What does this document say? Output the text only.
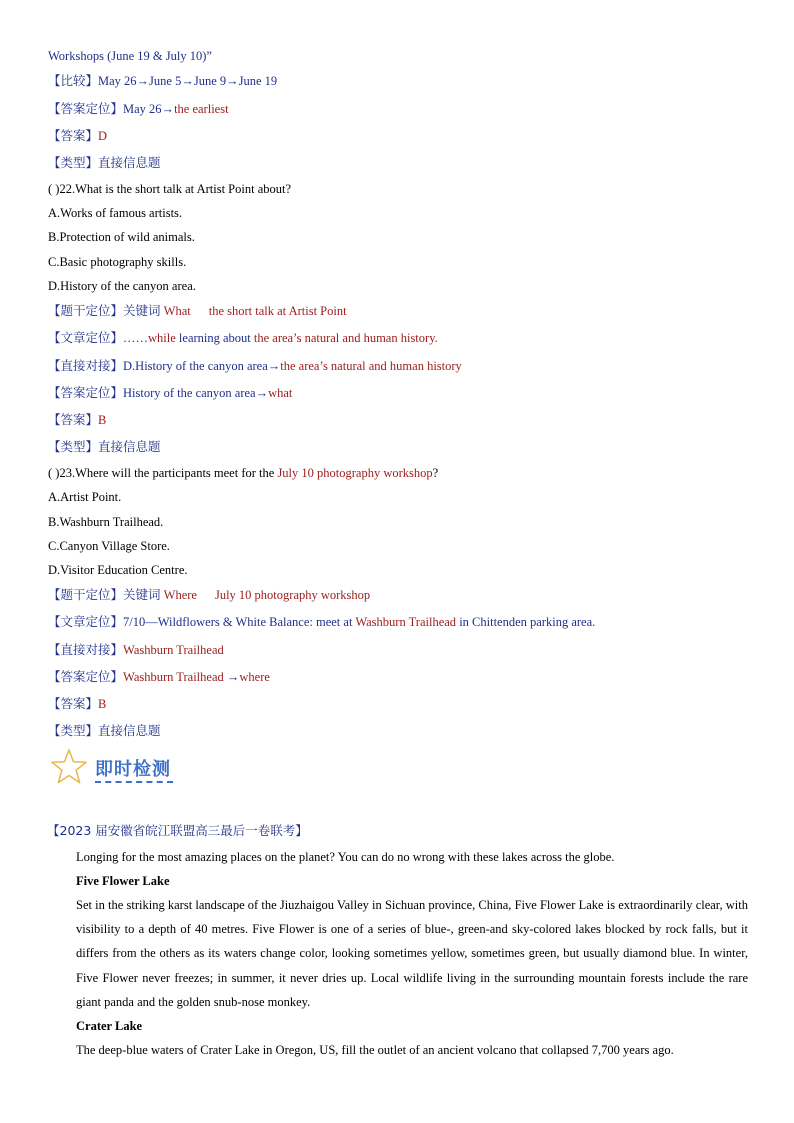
Workshops (June 19 & July 10)”
【比较】May 26→June 5→June 9→June 19
【答案定位】May 26→the earliest
【答案】D
【类型】直接信息题
( )22.What is the short talk at Artist Point about?
A.Works of famous artists.
B.Protection of wild animals.
C.Basic photography skills.
D.History of the canyon area.
【题干定位】关键词 What the short talk at Artist Point
【文章定位】……while learning about the area’s natural and human history.
【直接对接】D.History of the canyon area→the area’s natural and human history
【答案定位】History of the canyon area→what
【答案】B
【类型】直接信息题
( )23.Where will the participants meet for the July 10 photography workshop?
A.Artist Point.
B.Washburn Trailhead.
C.Canyon Village Store.
D.Visitor Education Centre.
【题干定位】关键词 Where July 10 photography workshop
【文章定位】7/10—Wildflowers & White Balance: meet at Washburn Trailhead in Chittenden parking area.
【直接对接】Washburn Trailhead
【答案定位】Washburn Trailhead →where
【答案】B
【类型】直接信息题
即时检测
【2023 届安徽省皖江联盟高三最后一卷联考】
Longing for the most amazing places on the planet? You can do no wrong with these lakes across the globe.
Five Flower Lake
Set in the striking karst landscape of the Jiuzhaigou Valley in Sichuan province, China, Five Flower Lake is extraordinarily clear, with visibility to a depth of 40 metres. Five Flower is one of a series of blue-, green-and sky-colored lakes blocked by rock falls, but it differs from the others as its waters change color, looking sometimes yellow, sometimes green, but usually diamond blue. In winter, Five Flower never freezes; in summer, it never dries up. Local wildlife living in the surrounding mountain forests include the rare giant panda and the golden snub-nose monkey.
Crater Lake
The deep-blue waters of Crater Lake in Oregon, US, fill the outlet of an ancient volcano that collapsed 7,700 years ago.
